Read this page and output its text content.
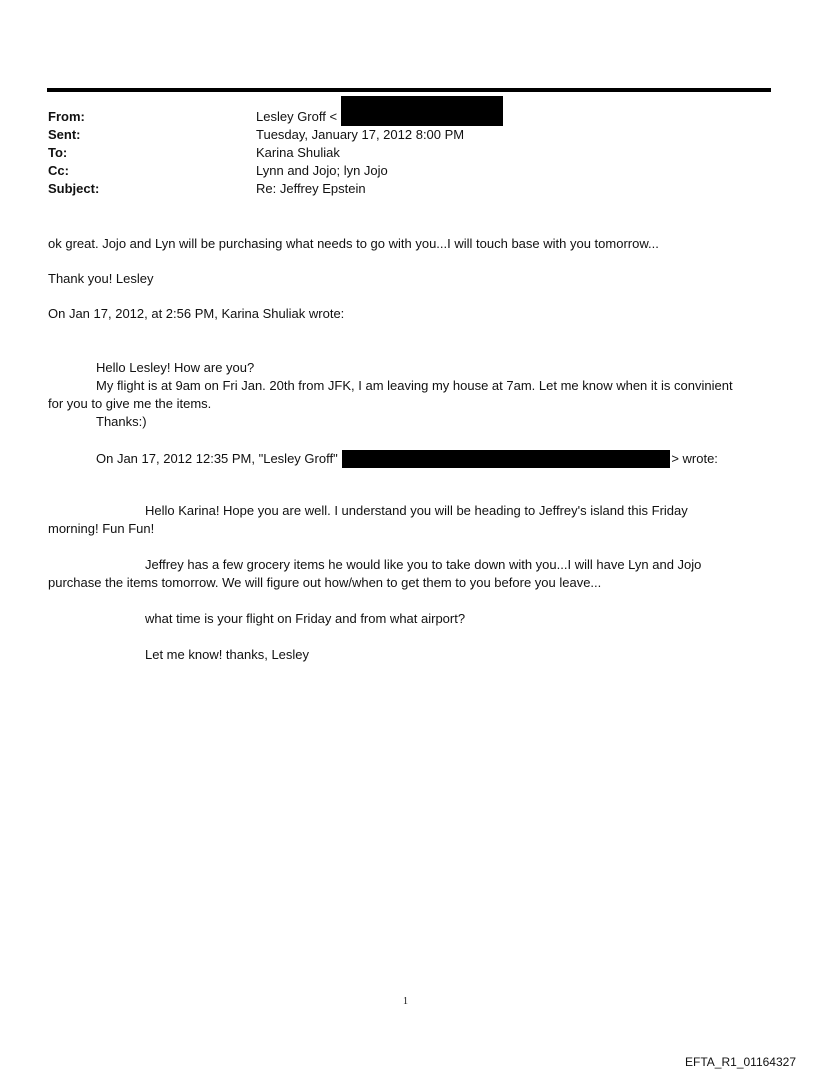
From:	Lesley Groff <
Sent:	Tuesday, January 17, 2012 8:00 PM
To:	Karina Shuliak
Cc:	Lynn and Jojo; lyn Jojo
Subject:	Re: Jeffrey Epstein
ok great. Jojo and Lyn will be purchasing what needs to go with you...I will touch base with you tomorrow...
Thank you! Lesley
On Jan 17, 2012, at 2:56 PM, Karina Shuliak wrote:
Hello Lesley! How are you?
My flight is at 9am on Fri Jan. 20th from JFK, I am leaving my house at 7am. Let me know when it is convinient
for you to give me the items.
Thanks:)
On Jan 17, 2012 12:35 PM, "Lesley Groff"	> wrote:
Hello Karina! Hope you are well. I understand you will be heading to Jeffrey's island this Friday
morning! Fun Fun!
Jeffrey has a few grocery items he would like you to take down with you...I will have Lyn and Jojo
purchase the items tomorrow. We will figure out how/when to get them to you before you leave...
what time is your flight on Friday and from what airport?
Let me know! thanks, Lesley
1
EFTA_R1_01164327
